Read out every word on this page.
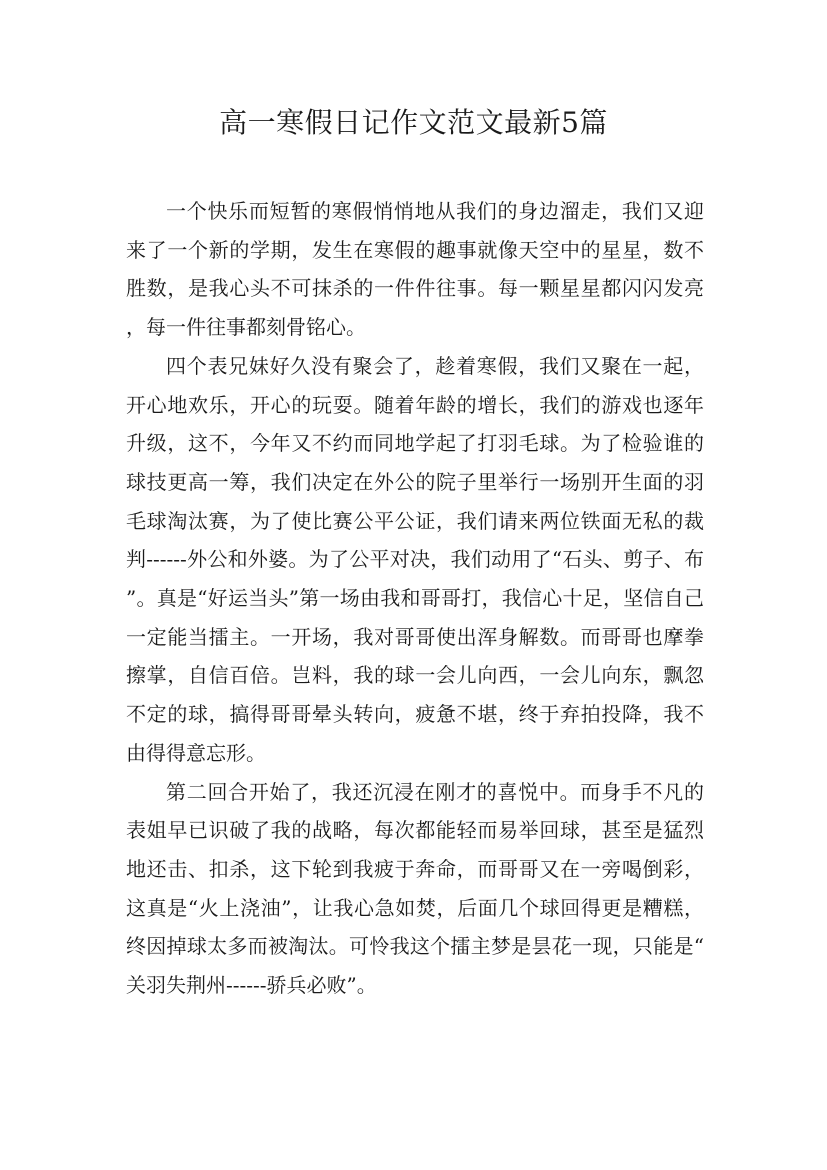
高一寒假日记作文范文最新5篇

一个快乐而短暂的寒假悄悄地从我们的身边溜走，我们又迎来了一个新的学期，发生在寒假的趣事就像天空中的星星，数不胜数，是我心头不可抹杀的一件件往事。每一颗星星都闪闪发亮，每一件往事都刻骨铭心。

四个表兄妹好久没有聚会了，趁着寒假，我们又聚在一起，开心地欢乐，开心的玩耍。随着年龄的增长，我们的游戏也逐年升级，这不，今年又不约而同地学起了打羽毛球。为了检验谁的球技更高一筹，我们决定在外公的院子里举行一场别开生面的羽毛球淘汰赛，为了使比赛公平公证，我们请来两位铁面无私的裁判------外公和外婆。为了公平对决，我们动用了“石头、剪子、布”。真是“好运当头”第一场由我和哥哥打，我信心十足，坚信自己一定能当擂主。一开场，我对哥哥使出浑身解数。而哥哥也摩拳擦掌，自信百倍。岂料，我的球一会儿向西，一会儿向东，飘忽不定的球，搞得哥哥晕头转向，疲惫不堪，终于弃拍投降，我不由得得意忘形。

第二回合开始了，我还沉浸在刚才的喜悦中。而身手不凡的表姐早已识破了我的战略，每次都能轻而易举回球，甚至是猛烈地还击、扣杀，这下轮到我疲于奔命，而哥哥又在一旁喝倒彩，这真是“火上浇油”，让我心急如焚，后面几个球回得更是糟糕，终因掉球太多而被淘汰。可怜我这个擂主梦是昙花一现，只能是“关羽失荆州------骄兵必败”。
